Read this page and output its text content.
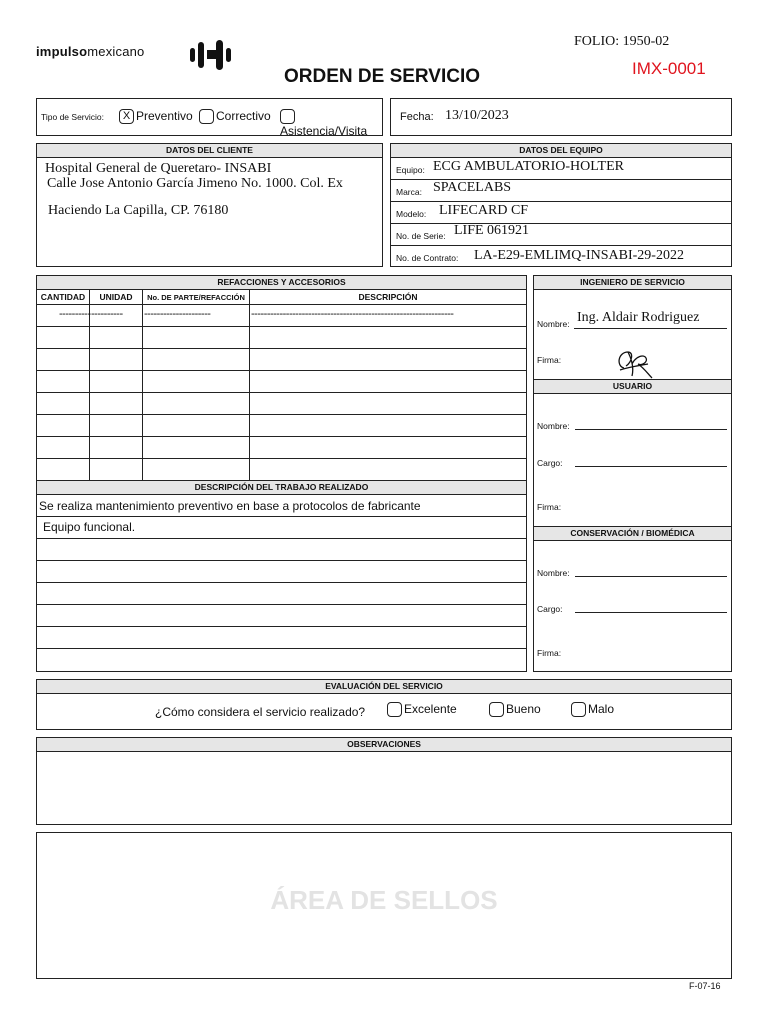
impulsomexicano
ORDEN DE SERVICIO
FOLIO: 1950-02
IMX-0001
Tipo de Servicio:	X Preventivo	Correctivo
Asistencia/Visita
Fecha: 13/10/2023
DATOS DEL CLIENTE
Hospital General de Queretaro- INSABI
Calle Jose Antonio García Jimeno No. 1000. Col. Ex
Haciendo La Capilla, CP. 76180
DATOS DEL EQUIPO
Equipo: ECG AMBULATORIO-HOLTER
Marca: SPACELABS
Modelo: LIFECARD CF
No. de Serie: LIFE 061921
No. de Contrato: LA-E29-EMLIMQ-INSABI-29-2022
REFACCIONES Y ACCESORIOS
CANTIDAD	UNIDAD	No. DE PARTE/REFACCIÓN	DESCRIPCIÓN
---------- ---------- ---------------------	----------------------------------------------------------------
DESCRIPCIÓN DEL TRABAJO REALIZADO
Se realiza mantenimiento preventivo en base a protocolos de fabricante
Equipo funcional.
INGENIERO DE SERVICIO
Nombre: Ing. Aldair Rodriguez
Firma:
USUARIO
Nombre:
Cargo:
Firma:
CONSERVACIÓN / BIOMÉDICA
Nombre:
Cargo:
Firma:
EVALUACIÓN DEL SERVICIO
¿Cómo considera el servicio realizado?	Excelente	Bueno	Malo
OBSERVACIONES
ÁREA DE SELLOS
F-07-16
